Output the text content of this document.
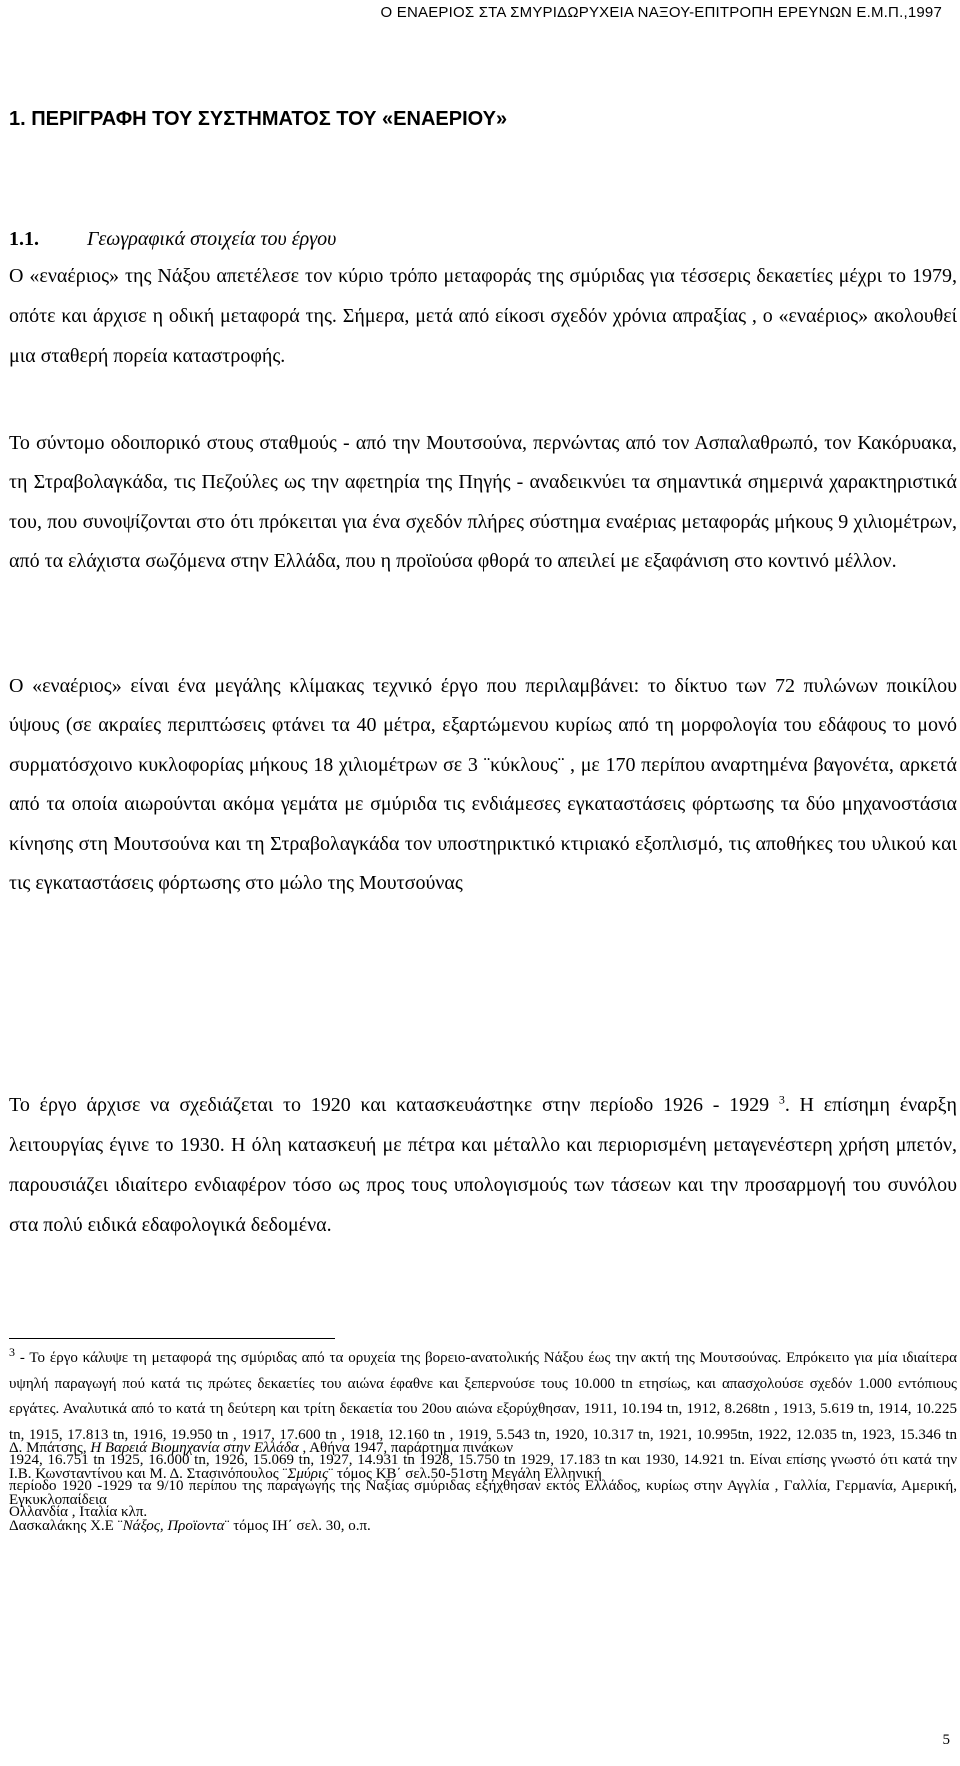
Ο ΕΝΑΕΡΙΟΣ ΣΤΑ ΣΜΥΡΙΔΩΡΥΧΕΙΑ ΝΑΞΟΥ-ΕΠΙΤΡΟΠΗ ΕΡΕΥΝΩΝ Ε.Μ.Π.,1997
1. ΠΕΡΙΓΡΑΦΗ ΤΟΥ ΣΥΣΤΗΜΑΤΟΣ ΤΟΥ «ΕΝΑΕΡΙΟΥ»
1.1. Γεωγραφικά στοιχεία του έργου

Ο «εναέριος» της Νάξου απετέλεσε τον κύριο τρόπο μεταφοράς της σμύριδας για τέσσερις δεκαετίες μέχρι το 1979, οπότε και άρχισε η οδική μεταφορά της. Σήμερα, μετά από είκοσι σχεδόν χρόνια απραξίας , ο «εναέριος» ακολουθεί μια σταθερή πορεία καταστροφής.

Το σύντομο οδοιπορικό στους σταθμούς - από την Μουτσούνα, περνώντας από τον Ασπαλαθρωπό, τον Κακόρυακα, τη Στραβολαγκάδα, τις Πεζούλες ως την αφετηρία της Πηγής - αναδεικνύει τα σημαντικά σημερινά χαρακτηριστικά του, που συνοψίζονται στο ότι πρόκειται για ένα σχεδόν πλήρες σύστημα εναέριας μεταφοράς μήκους 9 χιλιομέτρων, από τα ελάχιστα σωζόμενα στην Ελλάδα, που η προϊούσα φθορά το απειλεί με εξαφάνιση στο κοντινό μέλλον.

Ο «εναέριος» είναι ένα μεγάλης κλίμακας τεχνικό έργο που περιλαμβάνει: το δίκτυο των 72 πυλώνων ποικίλου ύψους (σε ακραίες περιπτώσεις φτάνει τα 40 μέτρα, εξαρτώμενου κυρίως από τη μορφολογία του εδάφους το μονό συρματόσχοινο κυκλοφορίας μήκους 18 χιλιομέτρων σε 3 ¨κύκλους¨ , με 170 περίπου αναρτημένα βαγονέτα, αρκετά από τα οποία αιωρούνται ακόμα γεμάτα με σμύριδα τις ενδιάμεσες εγκαταστάσεις φόρτωσης τα δύο μηχανοστάσια κίνησης στη Μουτσούνα και τη Στραβολαγκάδα τον υποστηρικτικό κτιριακό εξοπλισμό, τις αποθήκες του υλικού και τις εγκαταστάσεις φόρτωσης στο μώλο της Μουτσούνας

Το έργο άρχισε να σχεδιάζεται το 1920 και κατασκευάστηκε στην περίοδο 1926 - 1929 $^3$. Η επίσημη έναρξη λειτουργίας έγινε το 1930. Η όλη κατασκευή με πέτρα και μέταλλο και περιορισμένη μεταγενέστερη χρήση μπετόν, παρουσιάζει ιδιαίτερο ενδιαφέρον τόσο ως προς τους υπολογισμούς των τάσεων και την προσαρμογή του συνόλου στα πολύ ειδικά εδαφολογικά δεδομένα.

$^3$ - Το έργο κάλυψε τη μεταφορά της σμύριδας από τα ορυχεία της βορειο-ανατολικής Νάξου έως την ακτή της Μουτσούνας. Επρόκειτο για μία ιδιαίτερα υψηλή παραγωγή πού κατά τις πρώτες δεκαετίες του αιώνα έφαθνε και ξεπερνούσε τους 10.000 tn ετησίως, και απασχολούσε σχεδόν 1.000 εντόπιους εργάτες. Αναλυτικά από το κατά τη δεύτερη και τρίτη δεκαετία του 20ου αιώνα εξορύχθησαν, 1911, 10.194 tn, 1912, 8.268tn , 1913, 5.619 tn, 1914, 10.225 tn, 1915, 17.813 tn, 1916, 19.950 tn , 1917, 17.600 tn , 1918, 12.160 tn , 1919, 5.543 tn, 1920, 10.317 tn, 1921, 10.995tn, 1922, 12.035 tn, 1923, 15.346 tn 1924, 16.751 tn 1925, 16.000 tn, 1926, 15.069 tn, 1927, 14.931 tn 1928, 15.750 tn 1929, 17.183 tn και 1930, 14.921 tn. Είναι επίσης γνωστό ότι κατά την περίοδο 1920 -1929 τα 9/10 περίπου της παραγωγής της Ναξίας σμύριδας εξήχθησαν εκτός Ελλάδος, κυρίως στην Αγγλία , Γαλλία, Γερμανία, Αμερική, Ολλανδία , Ιταλία κλπ.

Δ. Μπάτσης, Η Βαρειά Βιομηχανία στην Ελλάδα , Αθήνα 1947, παράρτημα πινάκων

Ι.Β. Κωνσταντίνου και Μ. Δ. Στασινόπουλος ¨Σμύρις¨ τόμος ΚΒ΄ σελ.50-51στη Μεγάλη Ελληνική

Εγκυκλοπαίδεια

Δασκαλάκης Χ.Ε ¨Νάξος, Προϊοντα¨ τόμος ΙΗ΄ σελ. 30, ο.π.

5
